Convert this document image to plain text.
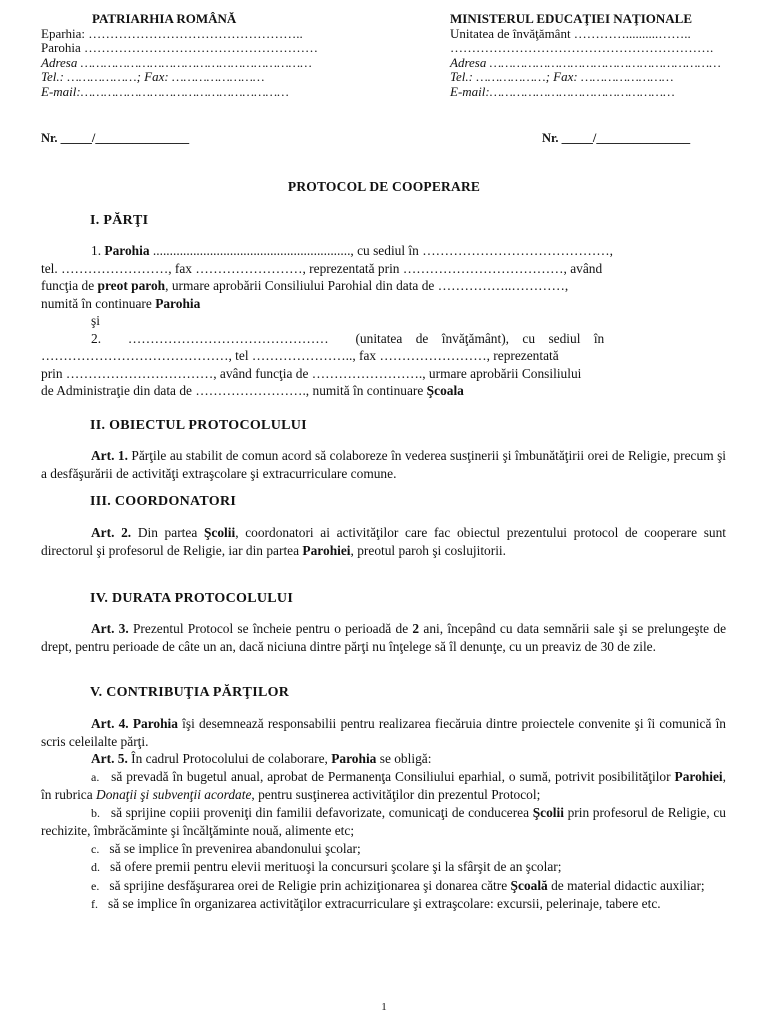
PATRIARHIA ROMÂNĂ
Eparhia: …………………………………………..
Parohia ………………………………………………
Adresa ……………………………………………………
Tel.: ………………; Fax: ……………………
E-mail:………………………………………………
MINISTERUL EDUCAŢIEI NAŢIONALE
Unitatea de învăţământ …………..........……..
…………………………………………………….
Adresa ……………………………………………………
Tel.: ………………; Fax: ……………………
E-mail:…………………………………………
Nr. _____/_______________	Nr. _____/_______________
PROTOCOL DE COOPERARE
I. PĂRŢI
1. Parohia ..........................................................., cu sediul în ……………………………………,
tel. ……………………, fax ……………………, reprezentată prin ………………………………, având
funcţia de preot paroh, urmare aprobării Consiliului Parohial din data de ……………..…………,
numită în continuare Parohia
şi
2.        ………………………………………        (unitatea    de    învăţământ),    cu    sediul    în
……………………………………, tel ………………….., fax ……………………, reprezentată
prin ……………………………, având funcţia de ……………………., urmare aprobării Consiliului
de Administraţie din data de ……………………., numită în continuare Şcoala
II. OBIECTUL PROTOCOLULUI
Art. 1. Părţile au stabilit de comun acord să colaboreze în vederea susţinerii şi îmbunătăţirii orei de Religie, precum şi a desfăşurării de activităţi extraşcolare şi extracurriculare comune.
III. COORDONATORI
Art. 2. Din partea Şcolii, coordonatori ai activităţilor care fac obiectul prezentului protocol de cooperare sunt directorul şi profesorul de Religie, iar din partea Parohiei, preotul paroh şi coslujitorii.
IV. DURATA PROTOCOLULUI
Art. 3. Prezentul Protocol se încheie pentru o perioadă de 2 ani, începând cu data semnării sale şi se prelungeşte de drept, pentru perioade de câte un an, dacă niciuna dintre părţi nu înţelege să îl denunţe, cu un preaviz de 30 de zile.
V. CONTRIBUŢIA PĂRŢILOR
Art. 4. Parohia îşi desemnează responsabilii pentru realizarea fiecăruia dintre proiectele convenite şi îi comunică în scris celeilalte părţi.
Art. 5. În cadrul Protocolului de colaborare, Parohia se obligă:
a. să prevadă în bugetul anual, aprobat de Permanenţa Consiliului eparhial, o sumă, potrivit posibilităţilor Parohiei, în rubrica Donaţii şi subvenţii acordate, pentru susţinerea activităţilor din prezentul Protocol;
b. să sprijine copiii proveniţi din familii defavorizate, comunicaţi de conducerea Şcolii prin profesorul de Religie, cu rechizite, îmbrăcăminte şi încălţăminte nouă, alimente etc;
c. să se implice în prevenirea abandonului şcolar;
d. să ofere premii pentru elevii merituoşi la concursuri şcolare şi la sfârşit de an şcolar;
e. să sprijine desfăşurarea orei de Religie prin achiziţionarea şi donarea către Şcoală de material didactic auxiliar;
f. să se implice în organizarea activităţilor extracurriculare şi extraşcolare: excursii, pelerinaje, tabere etc.
1
